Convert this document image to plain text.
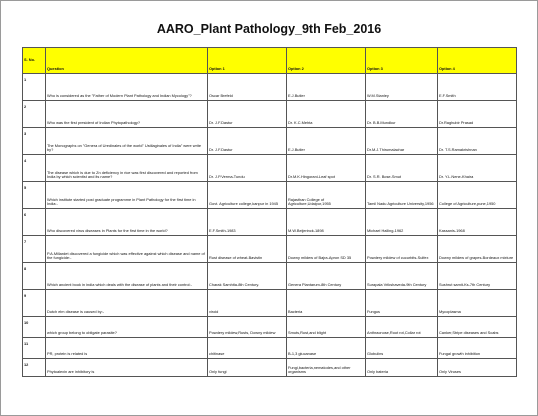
AARO_Plant Pathology_9th Feb_2016
S. No.	Question	Option 1	Option 2	Option 3	Option 4
1	Who is considered as the "Father of Modern Plant Pathology and Indian Mycology"?	Oscar Brefeld	E.J.Butler	W.M.Stanley	E.F.Smith
2	Who was the first president of Indian Phytopathology?	Dr. J.F.Dastur	Dr. K.C.Mehta	Dr. B.B.Mundkur	Dr.Raghubir Prasad
3	The Monographs on "Genera of Uredinales of the world" Ustilaginales of India" were write by?	Dr. J.F.Dastur	E.J.Butler	Dr.M.J.Thirumalachar	Dr. T.S.Ramakrishnan
4	The disease which is due to Zn deficiency in rice was first discovered and reported from India by which scientist and its name?	Dr. J.P.Verma-Tundu	Dr.M.K.Hingorani-Leaf spot	Dr. S.R. Bose-Smut	Dr. Y.L.Nene-Khaira
5	Which institute started post graduate programme in Plant Pathology for the first time in India:-	Govt. Agriculture college,kanpur in 1945	Rajasthan College of Agriculture,Udaipur,1955	Tamil Nadu Agriculture University,1956	College of Agriculture,pune,1950
6	Who discovered virus diseases in Plants for the first time in the world?	E.F.Smith-1983	M.W.Beijerinck-1898	Michael Halling-1962	Kassanis-1968
7	P.A.Millardet discovered a fungicide which was effective against which disease and name of the fungicide:-	Rust disease of wheat-Bavistin	Downy mildew of Bajra-Apron SD 35	Powdery mildew of cucurbits-Sulfex	Downy mildew of grapes-Bordeaux mixture
8	Which ancient book in india which deals with the disease of plants and their control:-	Charak Samhita-8th Century.	Genera Plantarum-8th Century	Surapala Vrikshaveda-9th Century	Sushrut samit-Ks-7th Century
9	Dutch elm disease is caused by:-	viroid	Bacteria	Fungus	Mycoplasma
10	which group belong to obligate parasite?	Powdery mildew,Rusts, Downy mildew	Smuts,Rust,and blight	Anthracnose,Root rot,Collar rot	Canker,Stripe diseases and Scabs
11	PR, protein is related is	chitinase	B-1,3 glucanase	Globulins	Fungal growth inhibition
12	Phytoalexin are inhibitory is	Only fungi	Fungi,bacteria,nematodes,and other organisms	Only bateria	Only Viruses
